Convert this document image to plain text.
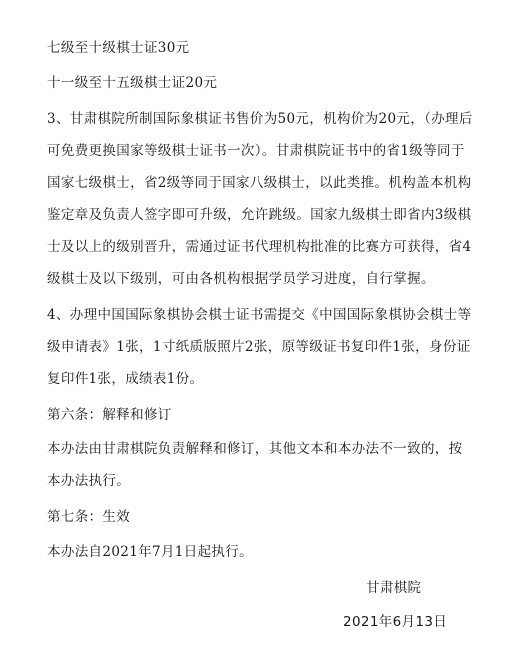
七级至十级棋士证30元
十一级至十五级棋士证20元
3、甘肃棋院所制国际象棋证书售价为50元，机构价为20元，（办理后
可免费更换国家等级棋士证书一次）。甘肃棋院证书中的省1级等同于
国家七级棋士，省2级等同于国家八级棋士，以此类推。机构盖本机构
鉴定章及负责人签字即可升级，允许跳级。国家九级棋士即省内3级棋
士及以上的级别晋升，需通过证书代理机构批准的比赛方可获得，省4
级棋士及以下级别，可由各机构根据学员学习进度，自行掌握。
4、办理中国国际象棋协会棋士证书需提交《中国国际象棋协会棋士等
级申请表》1张，1寸纸质版照片2张，原等级证书复印件1张，身份证
复印件1张，成绩表1份。
第六条：解释和修订
本办法由甘肃棋院负责解释和修订，其他文本和本办法不一致的，按
本办法执行。
第七条：生效
本办法自2021年7月1日起执行。
甘肃棋院
2021年6月13日
